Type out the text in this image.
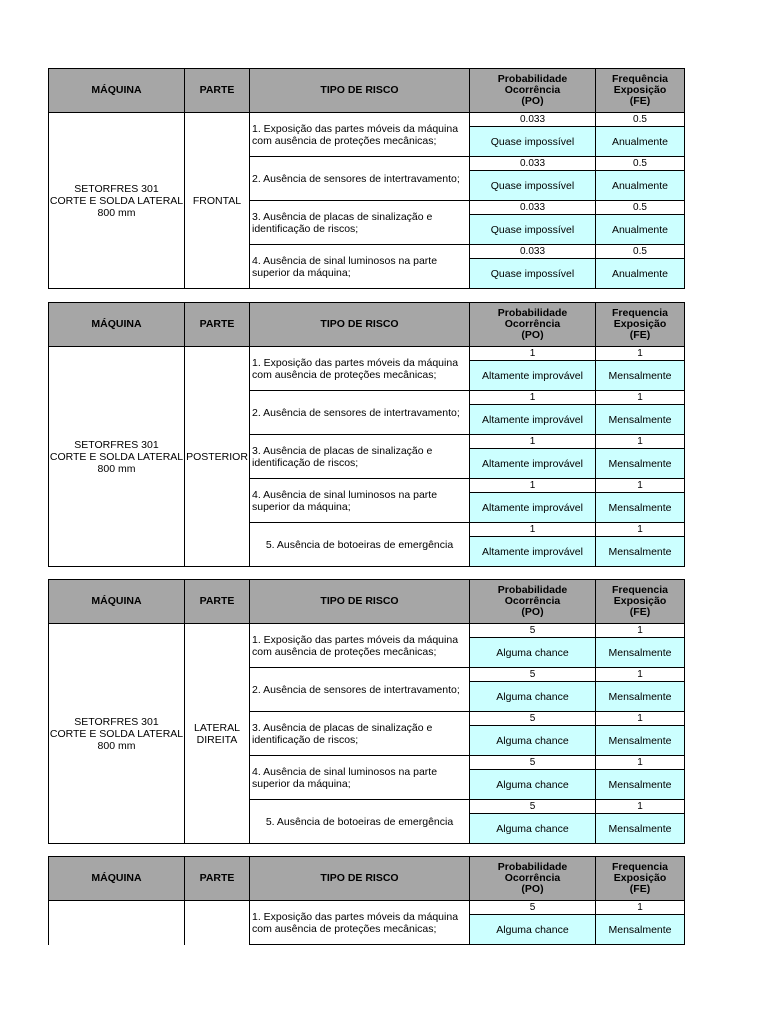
MÁQUINA	PARTE	TIPO DE RISCO	Probabilidade
Ocorrência
(PO)	Frequência
Exposição
(FE)
SETORFRES 301
CORTE E SOLDA LATERAL
800 mm	FRONTAL	1. Exposição das partes móveis da máquina com ausência de proteções mecânicas;	0.033	0.5
			Quase impossível	Anualmente
		2. Ausência de sensores de intertravamento;	0.033	0.5
			Quase impossível	Anualmente
		3. Ausência de placas de sinalização e identificação de riscos;	0.033	0.5
			Quase impossível	Anualmente
		4. Ausência de sinal luminosos na parte superior da máquina;	0.033	0.5
			Quase impossível	Anualmente
MÁQUINA	PARTE	TIPO DE RISCO	Probabilidade
Ocorrência
(PO)	Frequencia
Exposição
(FE)
SETORFRES 301
CORTE E SOLDA LATERAL
800 mm	POSTERIOR	1. Exposição das partes móveis da máquina com ausência de proteções mecânicas;	1	1
			Altamente improvável	Mensalmente
		2. Ausência de sensores de intertravamento;	1	1
			Altamente improvável	Mensalmente
		3. Ausência de placas de sinalização e identificação de riscos;	1	1
			Altamente improvável	Mensalmente
		4. Ausência de sinal luminosos na parte superior da máquina;	1	1
			Altamente improvável	Mensalmente
		5. Ausência de botoeiras de emergência	1	1
			Altamente improvável	Mensalmente
MÁQUINA	PARTE	TIPO DE RISCO	Probabilidade
Ocorrência
(PO)	Frequencia
Exposição
(FE)
SETORFRES 301
CORTE E SOLDA LATERAL
800 mm	LATERAL
DIREITA	1. Exposição das partes móveis da máquina com ausência de proteções mecânicas;	5	1
			Alguma chance	Mensalmente
		2. Ausência de sensores de intertravamento;	5	1
			Alguma chance	Mensalmente
		3. Ausência de placas de sinalização e identificação de riscos;	5	1
			Alguma chance	Mensalmente
		4. Ausência de sinal luminosos na parte superior da máquina;	5	1
			Alguma chance	Mensalmente
		5. Ausência de botoeiras de emergência	5	1
			Alguma chance	Mensalmente
MÁQUINA	PARTE	TIPO DE RISCO	Probabilidade
Ocorrência
(PO)	Frequencia
Exposição
(FE)
		1. Exposição das partes móveis da máquina com ausência de proteções mecânicas;	5	1
			Alguma chance	Mensalmente
